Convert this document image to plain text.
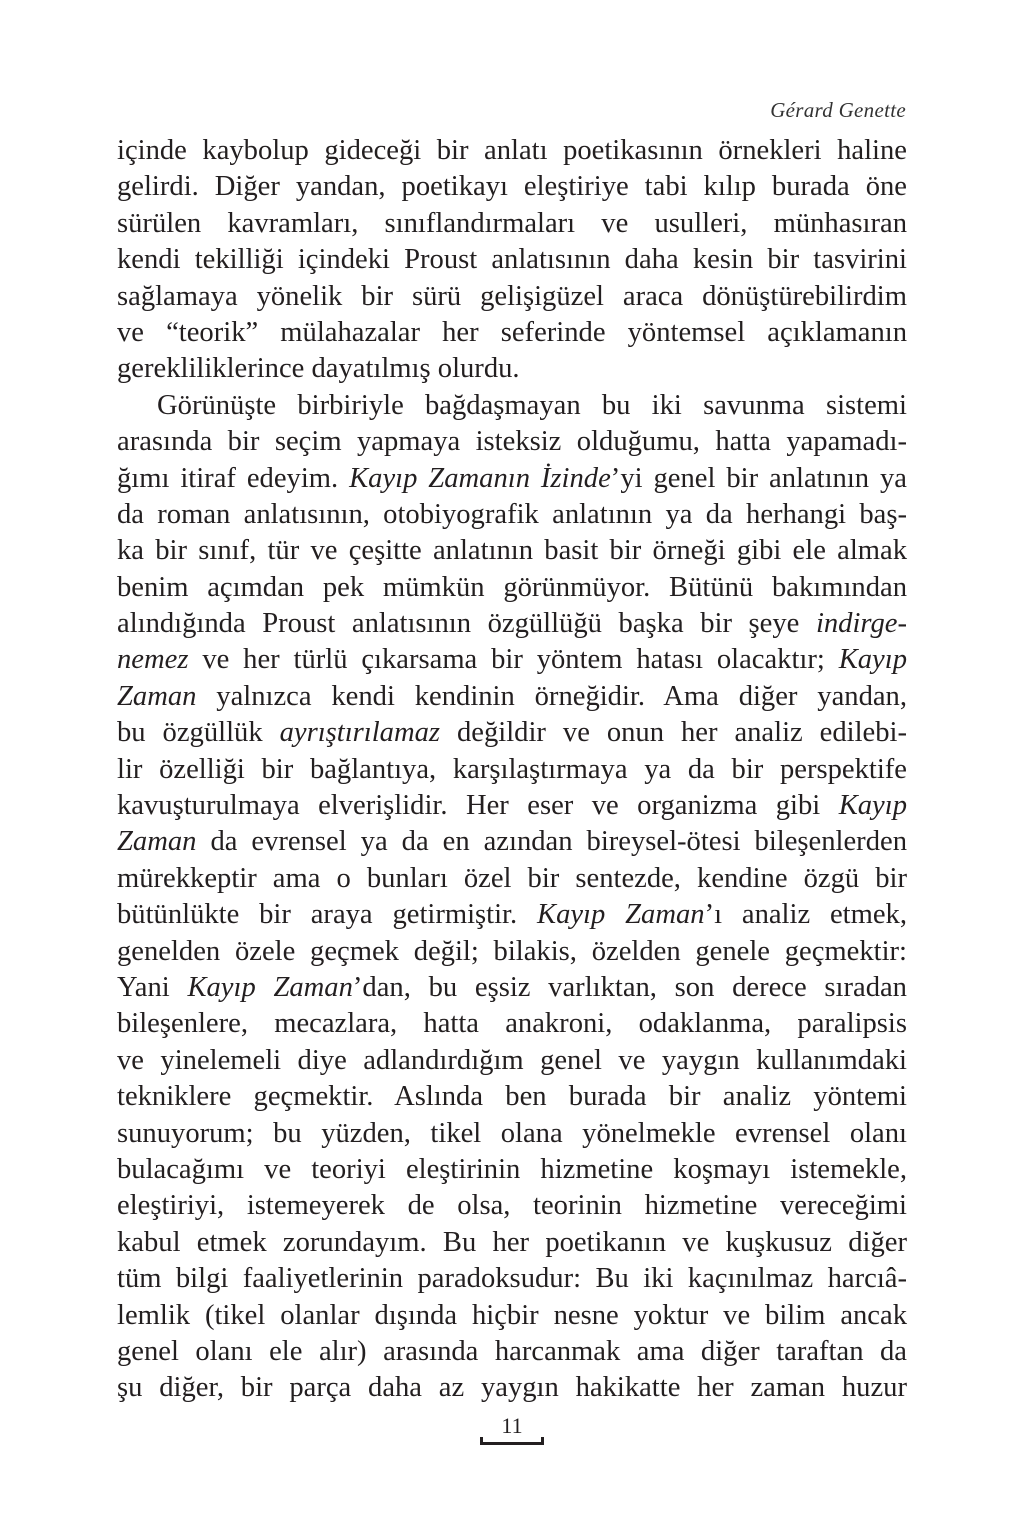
Gérard Genette
içinde kaybolup gideceği bir anlatı poetikasının örnekleri haline
gelirdi. Diğer yandan, poetikayı eleştiriye tabi kılıp burada öne
sürülen kavramları, sınıflandırmaları ve usulleri, münhasıran
kendi tekilliği içindeki Proust anlatısının daha kesin bir tasvirini
sağlamaya yönelik bir sürü gelişigüzel araca dönüştürebilirdim
ve “teorik” mülahazalar her seferinde yöntemsel açıklamanın
gerekliliklerince dayatılmış olurdu.
Görünüşte birbiriyle bağdaşmayan bu iki savunma sistemi
arasında bir seçim yapmaya isteksiz olduğumu, hatta yapamadı-
ğımı itiraf edeyim. Kayıp Zamanın İzinde’yi genel bir anlatının ya
da roman anlatısının, otobiyografik anlatının ya da herhangi baş-
ka bir sınıf, tür ve çeşitte anlatının basit bir örneği gibi ele almak
benim açımdan pek mümkün görünmüyor. Bütünü bakımından
alındığında Proust anlatısının özgüllüğü başka bir şeye indirge-
nemez ve her türlü çıkarsama bir yöntem hatası olacaktır; Kayıp
Zaman yalnızca kendi kendinin örneğidir. Ama diğer yandan,
bu özgüllük ayrıştırılamaz değildir ve onun her analiz edilebi-
lir özelliği bir bağlantıya, karşılaştırmaya ya da bir perspektife
kavuşturulmaya elverişlidir. Her eser ve organizma gibi Kayıp
Zaman da evrensel ya da en azından bireysel-ötesi bileşenlerden
mürekkeptir ama o bunları özel bir sentezde, kendine özgü bir
bütünlükte bir araya getirmiştir. Kayıp Zaman’ı analiz etmek,
genelden özele geçmek değil; bilakis, özelden genele geçmektir:
Yani Kayıp Zaman’dan, bu eşsiz varlıktan, son derece sıradan
bileşenlere, mecazlara, hatta anakroni, odaklanma, paralipsis
ve yinelemeli diye adlandırdığım genel ve yaygın kullanımdaki
tekniklere geçmektir. Aslında ben burada bir analiz yöntemi
sunuyorum; bu yüzden, tikel olana yönelmekle evrensel olanı
bulacağımı ve teoriyi eleştirinin hizmetine koşmayı istemekle,
eleştiriyi, istemeyerek de olsa, teorinin hizmetine vereceğimi
kabul etmek zorundayım. Bu her poetikanın ve kuşkusuz diğer
tüm bilgi faaliyetlerinin paradoksudur: Bu iki kaçınılmaz harcıâ-
lemlik (tikel olanlar dışında hiçbir nesne yoktur ve bilim ancak
genel olanı ele alır) arasında harcanmak ama diğer taraftan da
şu diğer, bir parça daha az yaygın hakikatte her zaman huzur
11
